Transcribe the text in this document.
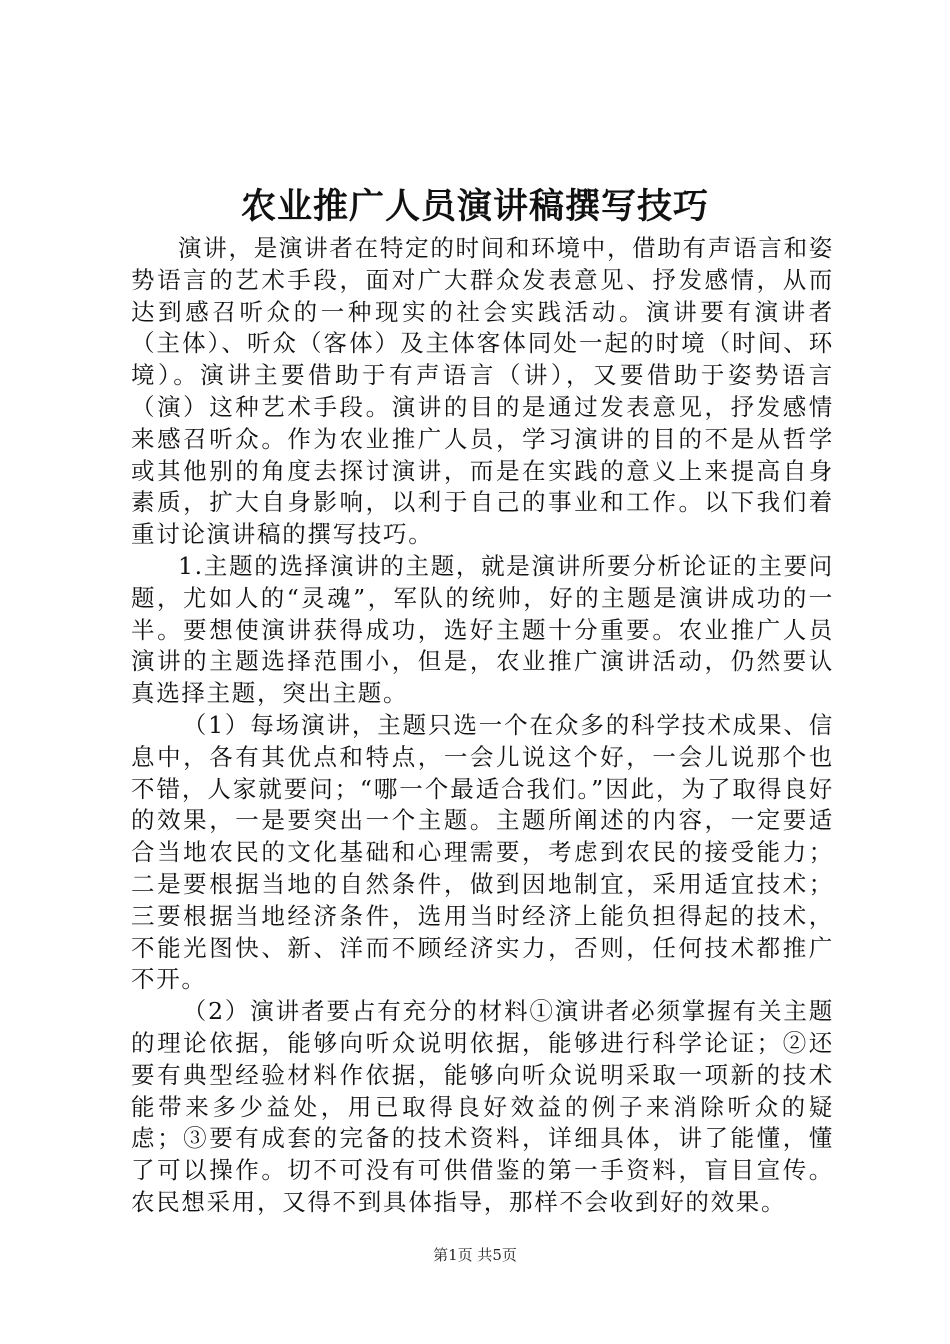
农业推广人员演讲稿撰写技巧

演讲，是演讲者在特定的时间和环境中，借助有声语言和姿势语言的艺术手段，面对广大群众发表意见、抒发感情，从而达到感召听众的一种现实的社会实践活动。演讲要有演讲者（主体）、听众（客体）及主体客体同处一起的时境（时间、环境）。演讲主要借助于有声语言（讲），又要借助于姿势语言（演）这种艺术手段。演讲的目的是通过发表意见，抒发感情来感召听众。作为农业推广人员，学习演讲的目的不是从哲学或其他别的角度去探讨演讲，而是在实践的意义上来提高自身素质，扩大自身影响，以利于自己的事业和工作。以下我们着重讨论演讲稿的撰写技巧。

1.主题的选择演讲的主题，就是演讲所要分析论证的主要问题，尤如人的“灵魂”，军队的统帅，好的主题是演讲成功的一半。要想使演讲获得成功，选好主题十分重要。农业推广人员演讲的主题选择范围小，但是，农业推广演讲活动，仍然要认真选择主题，突出主题。

（1）每场演讲，主题只选一个在众多的科学技术成果、信息中，各有其优点和特点，一会儿说这个好，一会儿说那个也不错，人家就要问；“哪一个最适合我们。”因此，为了取得良好的效果，一是要突出一个主题。主题所阐述的内容，一定要适合当地农民的文化基础和心理需要，考虑到农民的接受能力；二是要根据当地的自然条件，做到因地制宜，采用适宜技术；三要根据当地经济条件，选用当时经济上能负担得起的技术，不能光图快、新、洋而不顾经济实力，否则，任何技术都推广不开。

（2）演讲者要占有充分的材料①演讲者必须掌握有关主题的理论依据，能够向听众说明依据，能够进行科学论证；②还要有典型经验材料作依据，能够向听众说明采取一项新的技术能带来多少益处，用已取得良好效益的例子来消除听众的疑虑；③要有成套的完备的技术资料，详细具体，讲了能懂，懂了可以操作。切不可没有可供借鉴的第一手资料，盲目宣传。农民想采用，又得不到具体指导，那样不会收到好的效果。

第1页 共5页
